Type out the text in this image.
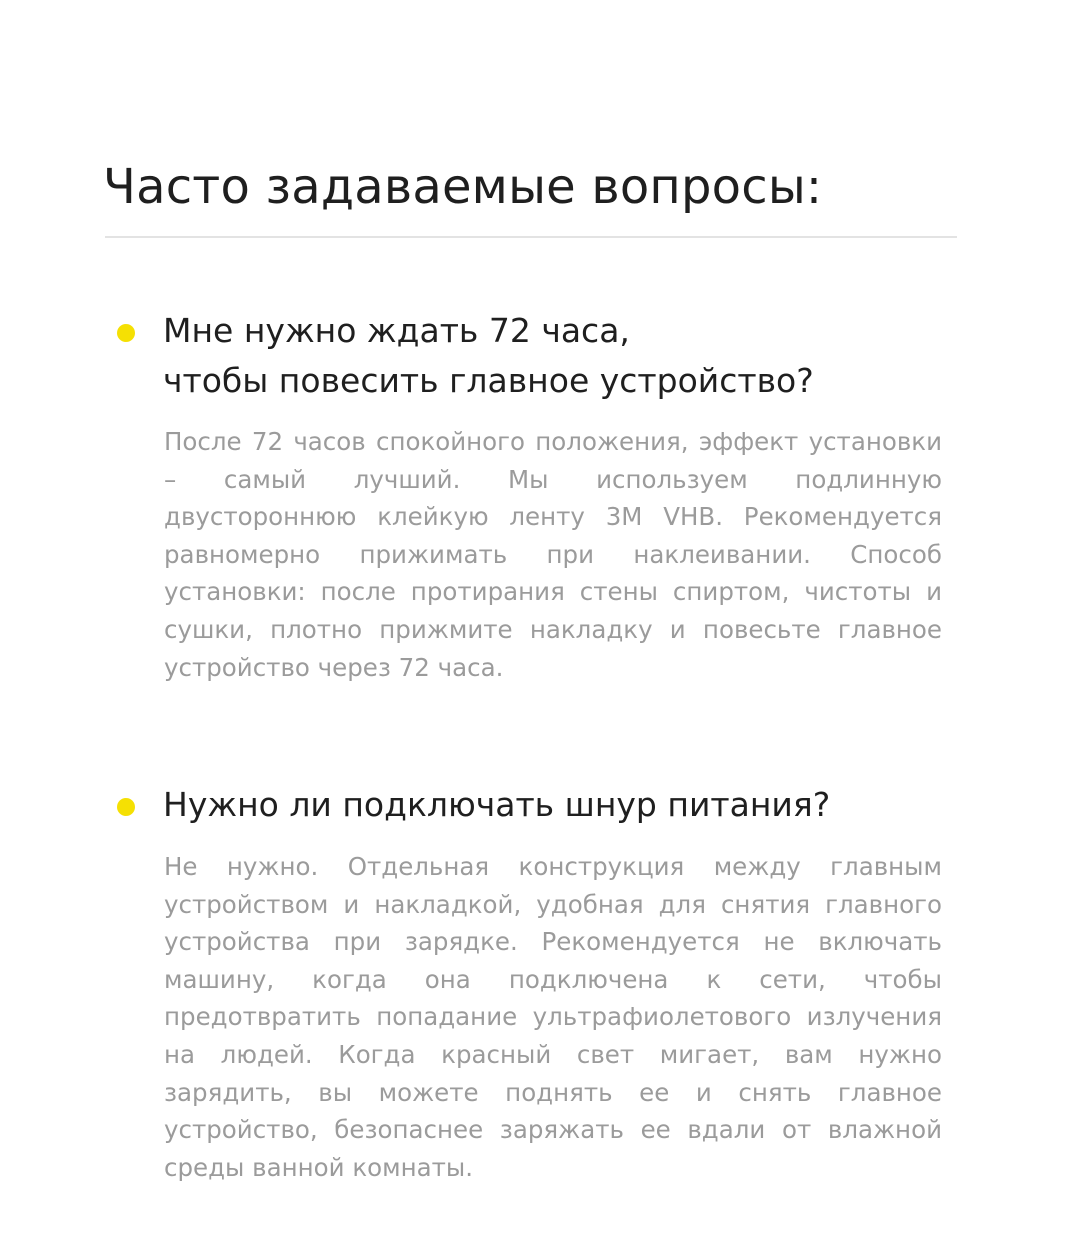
Часто задаваемые вопросы:
Мне нужно ждать 72 часа,
чтобы повесить главное устройство?

После 72 часов спокойного положения, эффект установки – самый лучший. Мы используем подлинную двустороннюю клейкую ленту 3M VHB. Рекомендуется равномерно прижимать при наклеивании. Способ установки: после протирания стены спиртом, чистоты и сушки, плотно прижмите накладку и повесьте главное устройство через 72 часа.

Нужно ли подключать шнур питания?

Не нужно. Отдельная конструкция между главным устройством и накладкой, удобная для снятия главного устройства при зарядке. Рекомендуется не включать машину, когда она подключена к сети, чтобы предотвратить попадание ультрафиолетового излучения на людей. Когда красный свет мигает, вам нужно зарядить, вы можете поднять ее и снять главное устройство, безопаснее заряжать ее вдали от влажной среды ванной комнаты.
